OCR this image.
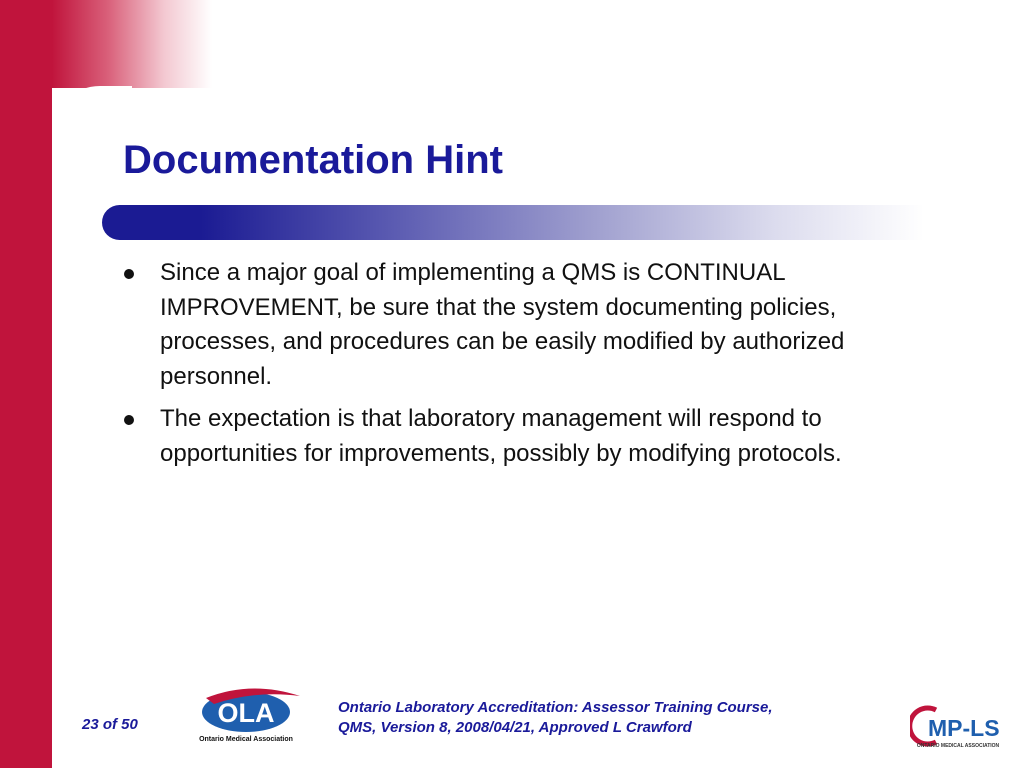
Documentation Hint
Since a major goal of implementing a QMS is CONTINUAL IMPROVEMENT, be sure that the system documenting policies, processes, and procedures can be easily modified by authorized personnel.
The expectation is that laboratory management will respond to opportunities for improvements, possibly by modifying protocols.
23 of 50	OLA
Ontario Medical Association
Ontario Laboratory Accreditation: Assessor Training Course,
QMS, Version 8, 2008/04/21, Approved L Crawford	MP-LS
ONTARIO MEDICAL ASSOCIATION
